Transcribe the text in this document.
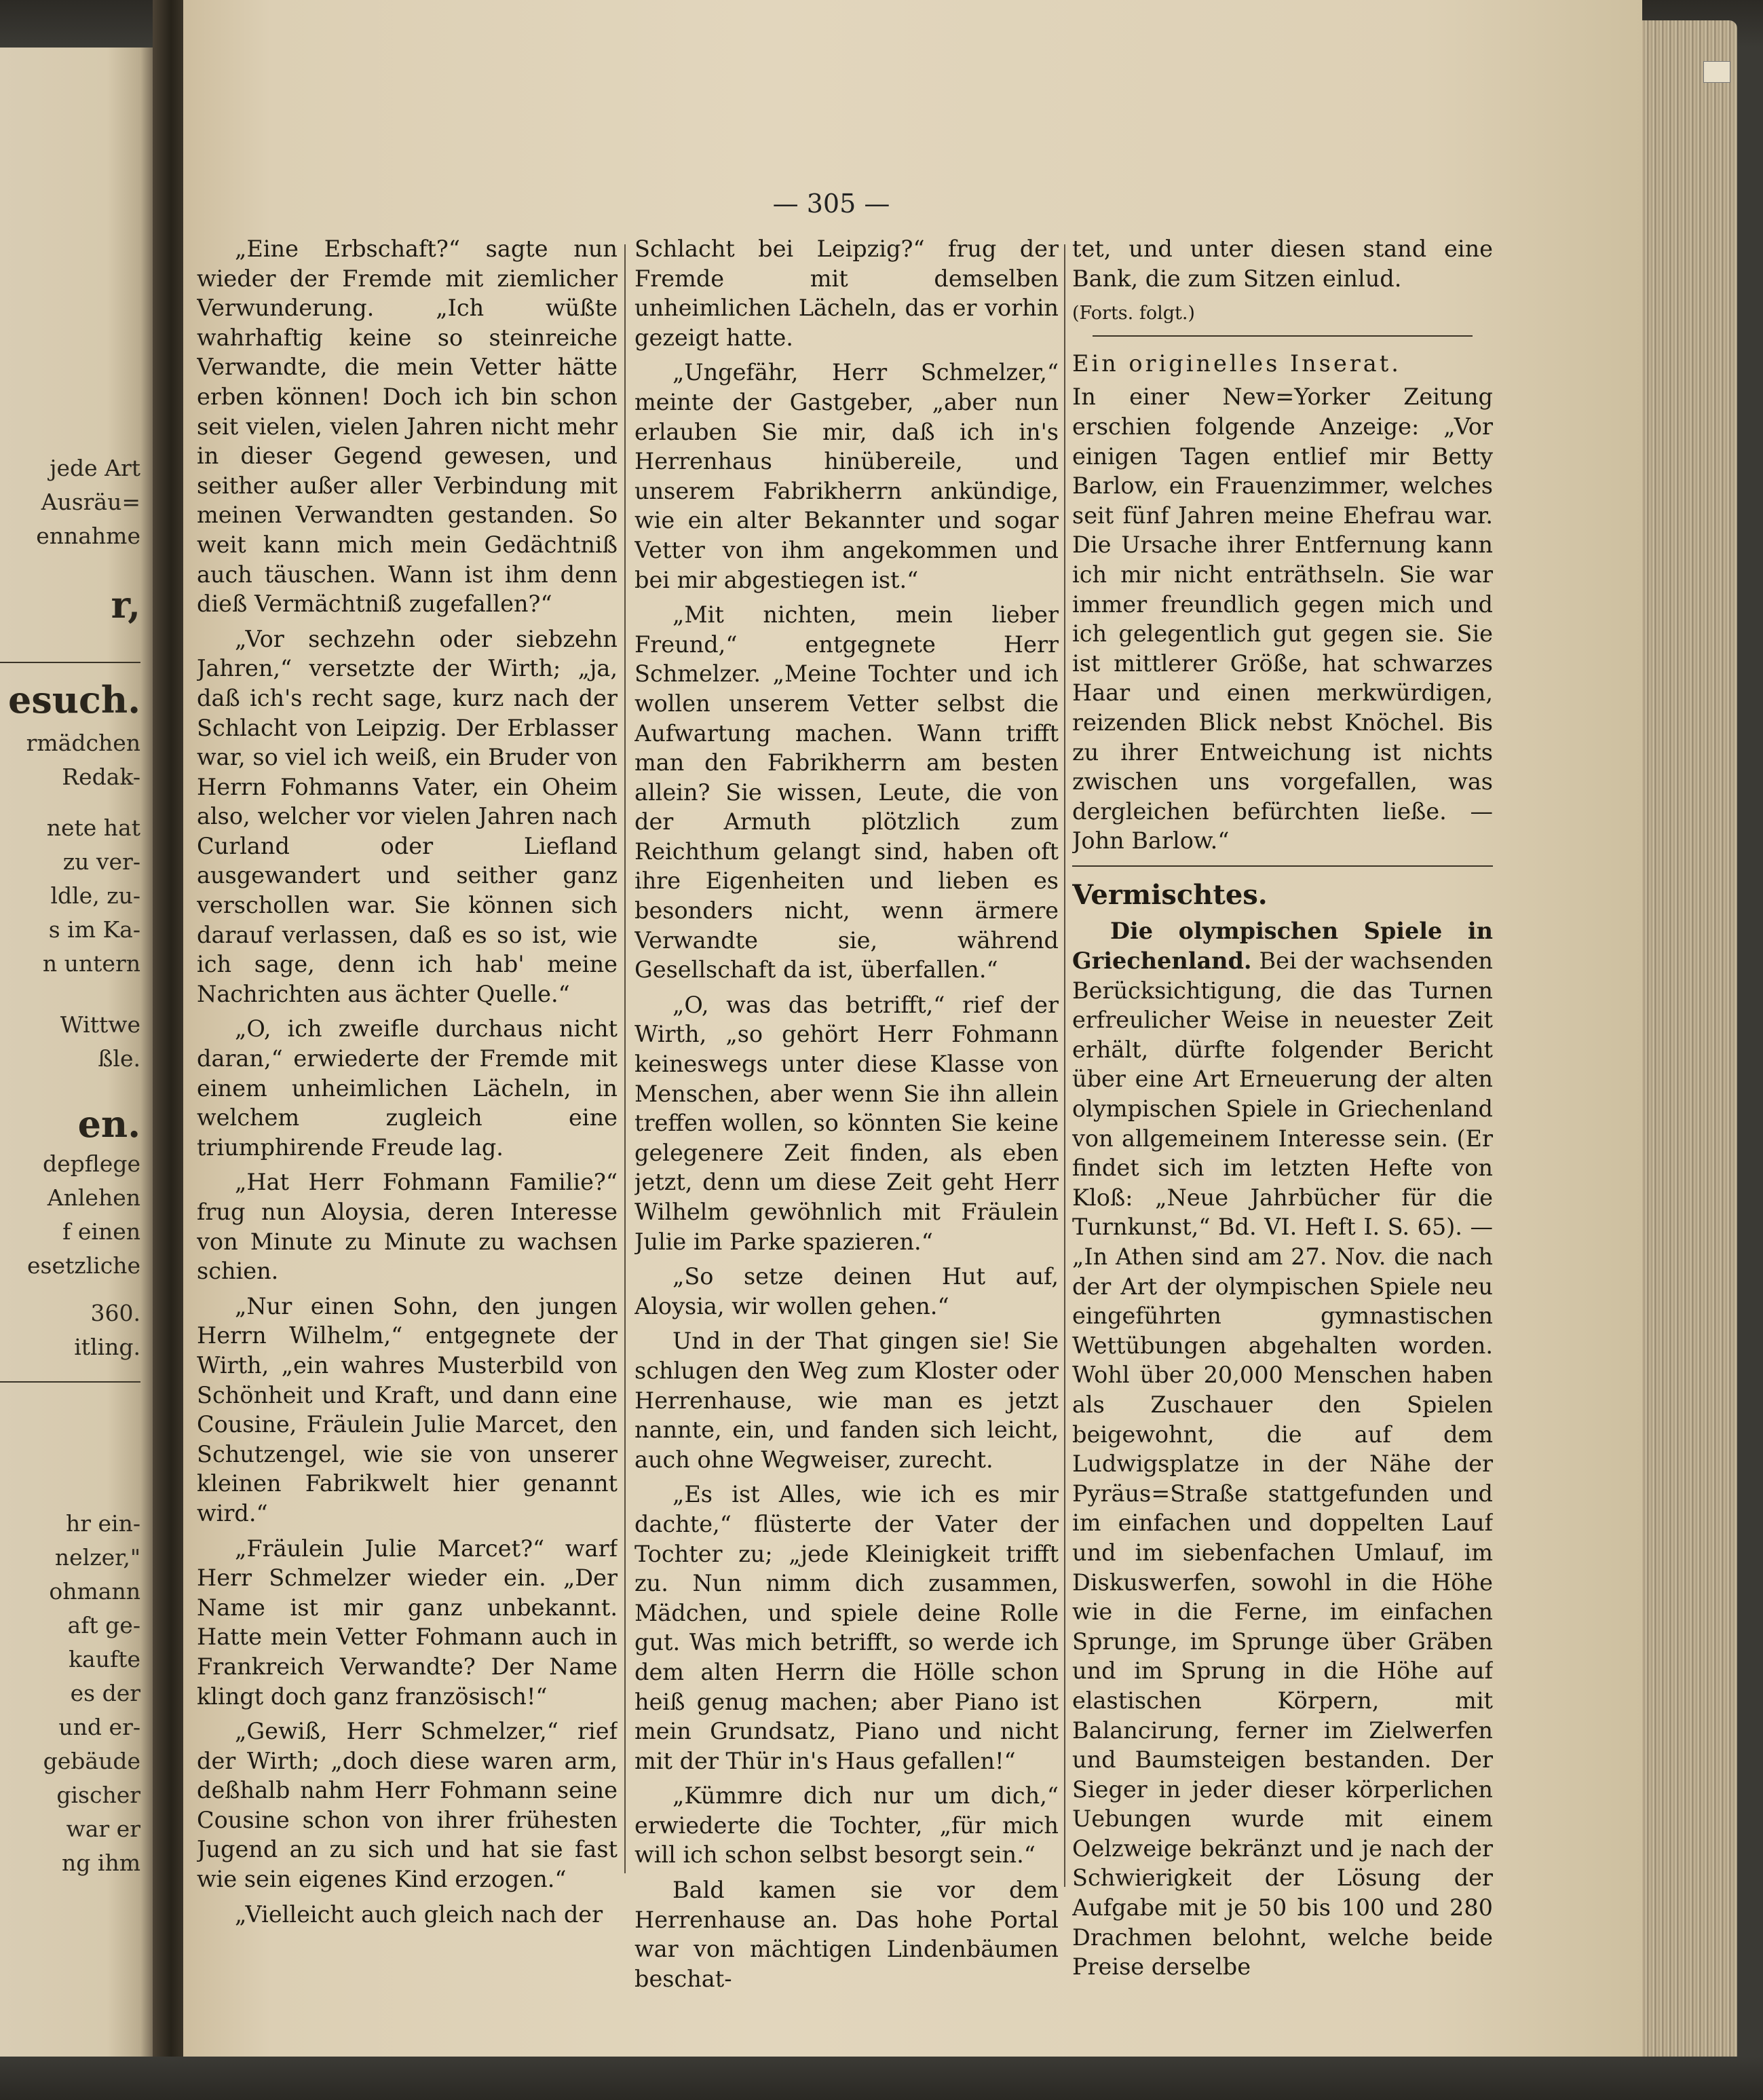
jede Art
Ausräu=
ennahme
r,
esuch.
rmädchen
Redak-
nete hat
zu ver-
ldle, zu-
s im Ka-
n untern
Wittwe
ßle.
en.
depflege
Anlehen
f einen
esetzliche
360.
itling.
hr ein-
nelzer,"
ohmann
aft ge-
kaufte
es der
und er-
gebäude
gischer
war er
ng ihm
— 305 —

„Eine Erbschaft?“ sagte nun wieder der Fremde mit ziemlicher Verwunderung. „Ich wüßte wahrhaftig keine so steinreiche Verwandte, die mein Vetter hätte erben können! Doch ich bin schon seit vielen, vielen Jahren nicht mehr in dieser Gegend gewesen, und seither außer aller Verbindung mit meinen Verwandten gestanden. So weit kann mich mein Gedächtniß auch täuschen. Wann ist ihm denn dieß Vermächtniß zugefallen?“

„Vor sechzehn oder siebzehn Jahren,“ versetzte der Wirth; „ja, daß ich's recht sage, kurz nach der Schlacht von Leipzig. Der Erblasser war, so viel ich weiß, ein Bruder von Herrn Fohmanns Vater, ein Oheim also, welcher vor vielen Jahren nach Curland oder Liefland ausgewandert und seither ganz verschollen war. Sie können sich darauf verlassen, daß es so ist, wie ich sage, denn ich hab' meine Nachrichten aus ächter Quelle.“

„O, ich zweifle durchaus nicht daran,“ erwiederte der Fremde mit einem unheimlichen Lächeln, in welchem zugleich eine triumphirende Freude lag.

„Hat Herr Fohmann Familie?“ frug nun Aloysia, deren Interesse von Minute zu Minute zu wachsen schien.

„Nur einen Sohn, den jungen Herrn Wilhelm,“ entgegnete der Wirth, „ein wahres Musterbild von Schönheit und Kraft, und dann eine Cousine, Fräulein Julie Marcet, den Schutzengel, wie sie von unserer kleinen Fabrikwelt hier genannt wird.“

„Fräulein Julie Marcet?“ warf Herr Schmelzer wieder ein. „Der Name ist mir ganz unbekannt. Hatte mein Vetter Fohmann auch in Frankreich Verwandte? Der Name klingt doch ganz französisch!“

„Gewiß, Herr Schmelzer,“ rief der Wirth; „doch diese waren arm, deßhalb nahm Herr Fohmann seine Cousine schon von ihrer frühesten Jugend an zu sich und hat sie fast wie sein eigenes Kind erzogen.“

„Vielleicht auch gleich nach der

Schlacht bei Leipzig?“ frug der Fremde mit demselben unheimlichen Lächeln, das er vorhin gezeigt hatte.

„Ungefähr, Herr Schmelzer,“ meinte der Gastgeber, „aber nun erlauben Sie mir, daß ich in's Herrenhaus hinübereile, und unserem Fabrikherrn ankündige, wie ein alter Bekannter und sogar Vetter von ihm angekommen und bei mir abgestiegen ist.“

„Mit nichten, mein lieber Freund,“ entgegnete Herr Schmelzer. „Meine Tochter und ich wollen unserem Vetter selbst die Aufwartung machen. Wann trifft man den Fabrikherrn am besten allein? Sie wissen, Leute, die von der Armuth plötzlich zum Reichthum gelangt sind, haben oft ihre Eigenheiten und lieben es besonders nicht, wenn ärmere Verwandte sie, während Gesellschaft da ist, überfallen.“

„O, was das betrifft,“ rief der Wirth, „so gehört Herr Fohmann keineswegs unter diese Klasse von Menschen, aber wenn Sie ihn allein treffen wollen, so könnten Sie keine gelegenere Zeit finden, als eben jetzt, denn um diese Zeit geht Herr Wilhelm gewöhnlich mit Fräulein Julie im Parke spazieren.“

„So setze deinen Hut auf, Aloysia, wir wollen gehen.“

Und in der That gingen sie! Sie schlugen den Weg zum Kloster oder Herrenhause, wie man es jetzt nannte, ein, und fanden sich leicht, auch ohne Wegweiser, zurecht.

„Es ist Alles, wie ich es mir dachte,“ flüsterte der Vater der Tochter zu; „jede Kleinigkeit trifft zu. Nun nimm dich zusammen, Mädchen, und spiele deine Rolle gut. Was mich betrifft, so werde ich dem alten Herrn die Hölle schon heiß genug machen; aber Piano ist mein Grundsatz, Piano und nicht mit der Thür in's Haus gefallen!“

„Kümmre dich nur um dich,“ erwiederte die Tochter, „für mich will ich schon selbst besorgt sein.“

Bald kamen sie vor dem Herrenhause an. Das hohe Portal war von mächtigen Lindenbäumen beschat-

tet, und unter diesen stand eine Bank, die zum Sitzen einlud.

(Forts. folgt.)

Ein originelles Inserat.

In einer New=Yorker Zeitung erschien folgende Anzeige: „Vor einigen Tagen entlief mir Betty Barlow, ein Frauenzimmer, welches seit fünf Jahren meine Ehefrau war. Die Ursache ihrer Entfernung kann ich mir nicht enträthseln. Sie war immer freundlich gegen mich und ich gelegentlich gut gegen sie. Sie ist mittlerer Größe, hat schwarzes Haar und einen merkwürdigen, reizenden Blick nebst Knöchel. Bis zu ihrer Entweichung ist nichts zwischen uns vorgefallen, was dergleichen befürchten ließe. — John Barlow.“

Vermischtes.

Die olympischen Spiele in Griechenland. Bei der wachsenden Berücksichtigung, die das Turnen erfreulicher Weise in neuester Zeit erhält, dürfte folgender Bericht über eine Art Erneuerung der alten olympischen Spiele in Griechenland von allgemeinem Interesse sein. (Er findet sich im letzten Hefte von Kloß: „Neue Jahrbücher für die Turnkunst,“ Bd. VI. Heft I. S. 65). — „In Athen sind am 27. Nov. die nach der Art der olympischen Spiele neu eingeführten gymnastischen Wettübungen abgehalten worden. Wohl über 20,000 Menschen haben als Zuschauer den Spielen beigewohnt, die auf dem Ludwigsplatze in der Nähe der Pyräus=Straße stattgefunden und im einfachen und doppelten Lauf und im siebenfachen Umlauf, im Diskuswerfen, sowohl in die Höhe wie in die Ferne, im einfachen Sprunge, im Sprunge über Gräben und im Sprung in die Höhe auf elastischen Körpern, mit Balancirung, ferner im Zielwerfen und Baumsteigen bestanden. Der Sieger in jeder dieser körperlichen Uebungen wurde mit einem Oelzweige bekränzt und je nach der Schwierigkeit der Lösung der Aufgabe mit je 50 bis 100 und 280 Drachmen belohnt, welche beide Preise derselbe
